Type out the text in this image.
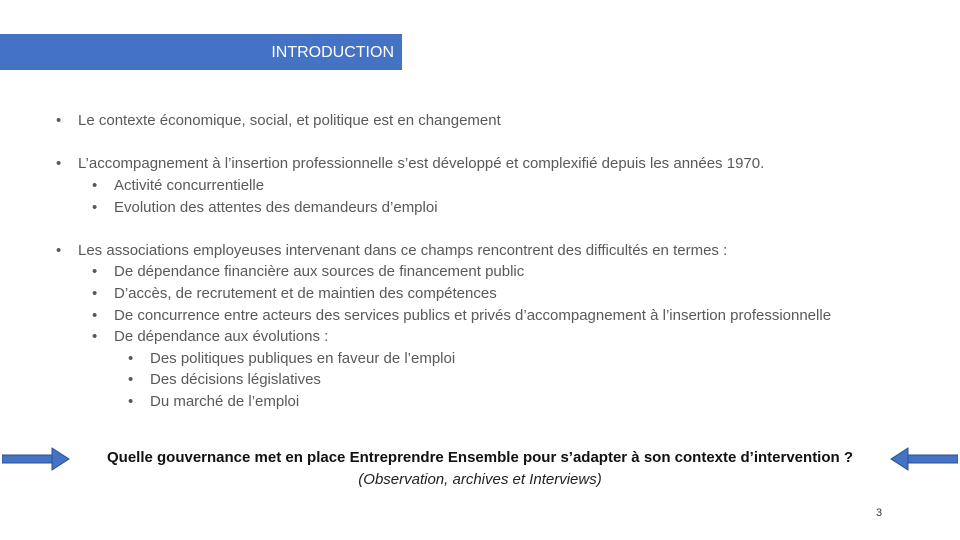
INTRODUCTION
• Le contexte économique, social, et politique est en changement
• L’accompagnement à l’insertion professionnelle s’est développé et complexifié depuis les années 1970.
• Activité concurrentielle
• Evolution des attentes des demandeurs d’emploi
• Les associations employeuses intervenant dans ce champs rencontrent des difficultés en termes :
• De dépendance financière aux sources de financement public
• D’accès, de recrutement et de maintien des compétences
• De concurrence entre acteurs des services publics et privés d’accompagnement à l’insertion professionnelle
• De dépendance aux évolutions :
• Des politiques publiques en faveur de l’emploi
• Des décisions législatives
• Du marché de l’emploi
Quelle gouvernance met en place Entreprendre Ensemble pour s’adapter à son contexte d’intervention ?
(Observation, archives et Interviews)
3
